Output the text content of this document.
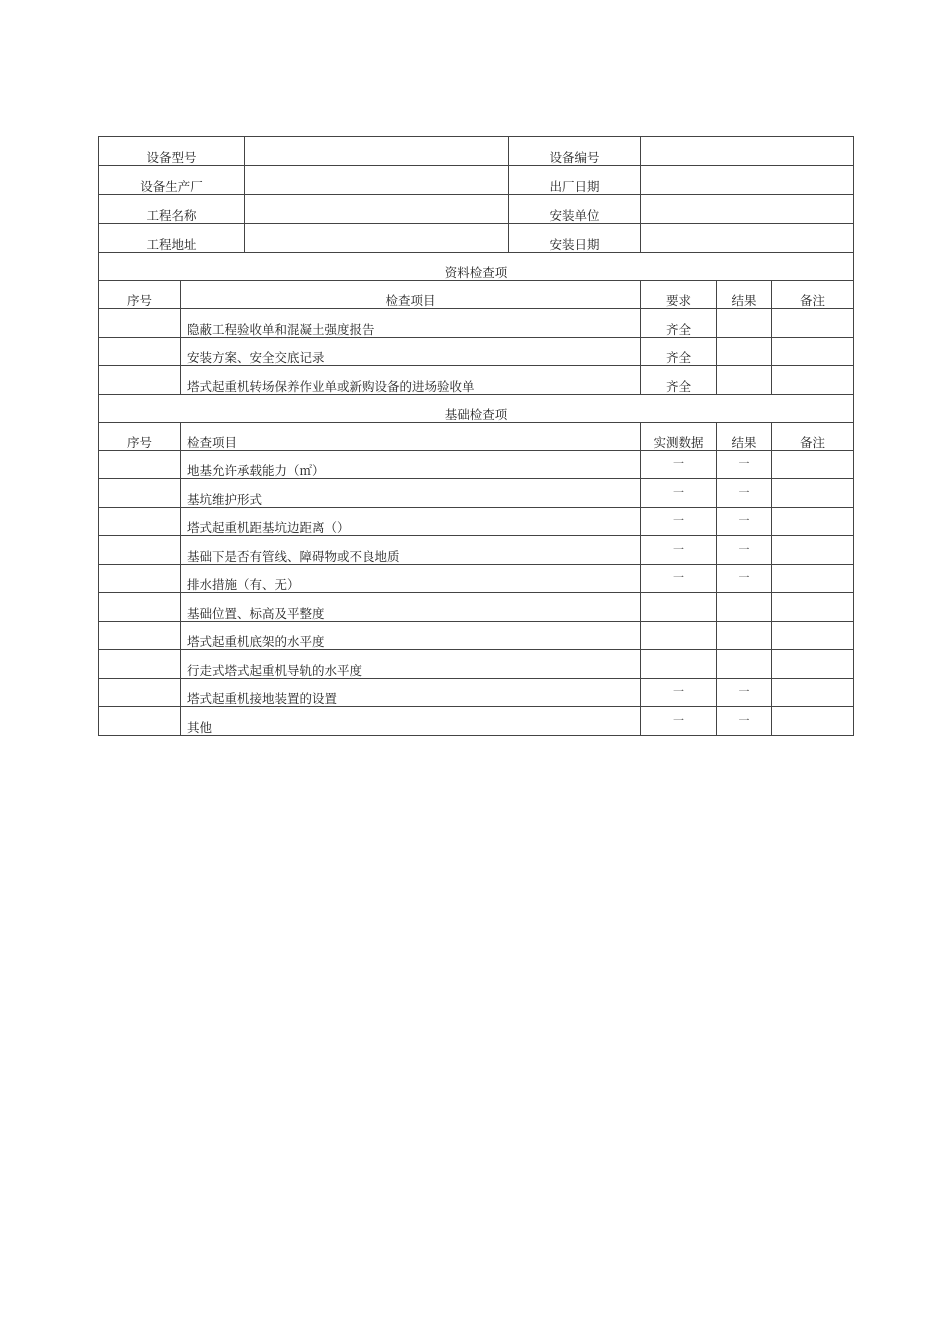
设备型号			设备编号			
设备生产厂			出厂日期			
工程名称			安装单位			
工程地址			安装日期			
资料检查项						
序号	检查项目			要求	结果	备注
	隐蔽工程验收单和混凝土强度报告			齐全		
	安装方案、安全交底记录			齐全		
	塔式起重机转场保养作业单或新购设备的进场验收单			齐全		
基础检查项						
序号	检查项目			实测数据	结果	备注
	地基允许承载能力（㎡）			一	一	
	基坑维护形式			一	一	
	塔式起重机距基坑边距离（）			一	一	
	基础下是否有管线、障碍物或不良地质			一	一	
	排水措施（有、无）			一	一	
	基础位置、标高及平整度					
	塔式起重机底架的水平度					
	行走式塔式起重机导轨的水平度					
	塔式起重机接地装置的设置			一	一	
	其他			一	一	
